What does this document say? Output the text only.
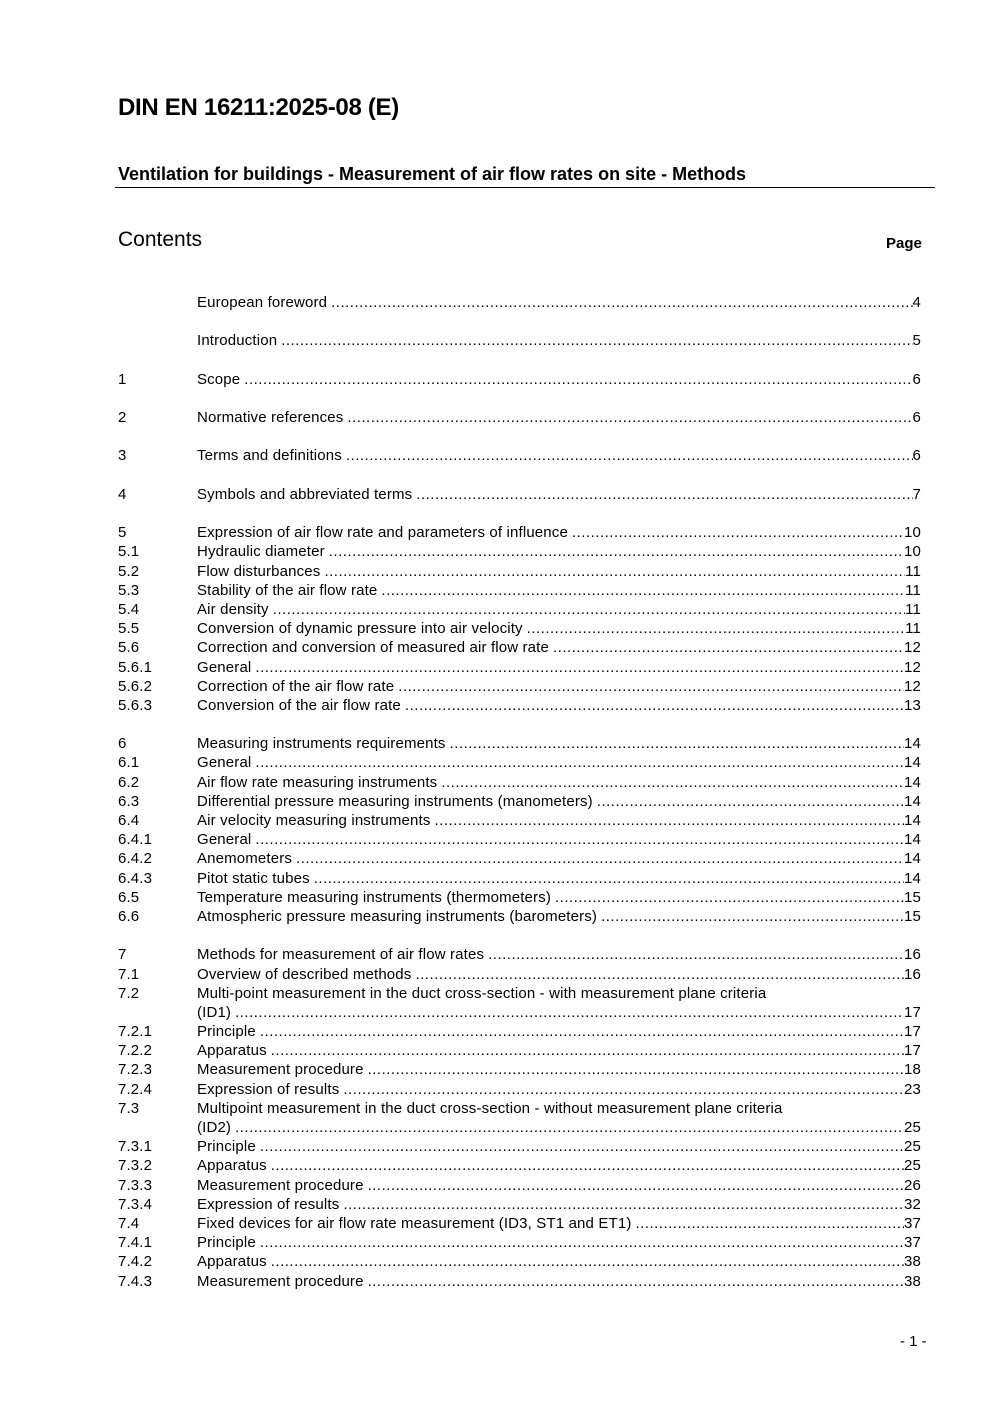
DIN EN 16211:2025-08 (E)
Ventilation for buildings - Measurement of air flow rates on site - Methods
Contents	Page
European foreword .....	4
Introduction .....	5
1	Scope .....	6
2	Normative references .....	6
3	Terms and definitions .....	6
4	Symbols and abbreviated terms .....	7
5	Expression of air flow rate and parameters of influence .....	10
5.1	Hydraulic diameter .....	10
5.2	Flow disturbances .....	11
5.3	Stability of the air flow rate .....	11
5.4	Air density .....	11
5.5	Conversion of dynamic pressure into air velocity .....	11
5.6	Correction and conversion of measured air flow rate .....	12
5.6.1	General .....	12
5.6.2	Correction of the air flow rate .....	12
5.6.3	Conversion of the air flow rate .....	13
6	Measuring instruments requirements .....	14
6.1	General .....	14
6.2	Air flow rate measuring instruments .....	14
6.3	Differential pressure measuring instruments (manometers) .....	14
6.4	Air velocity measuring instruments .....	14
6.4.1	General .....	14
6.4.2	Anemometers .....	14
6.4.3	Pitot static tubes .....	14
6.5	Temperature measuring instruments (thermometers) .....	15
6.6	Atmospheric pressure measuring instruments (barometers) .....	15
7	Methods for measurement of air flow rates .....	16
7.1	Overview of described methods .....	16
7.2	Multi-point measurement in the duct cross-section - with measurement plane criteria
(ID1) .....	17
7.2.1	Principle .....	17
7.2.2	Apparatus .....	17
7.2.3	Measurement procedure .....	18
7.2.4	Expression of results .....	23
7.3	Multipoint measurement in the duct cross-section - without measurement plane criteria
(ID2) .....	25
7.3.1	Principle .....	25
7.3.2	Apparatus .....	25
7.3.3	Measurement procedure .....	26
7.3.4	Expression of results .....	32
7.4	Fixed devices for air flow rate measurement (ID3, ST1 and ET1) .....	37
7.4.1	Principle .....	37
7.4.2	Apparatus .....	38
7.4.3	Measurement procedure .....	38
- 1 -
